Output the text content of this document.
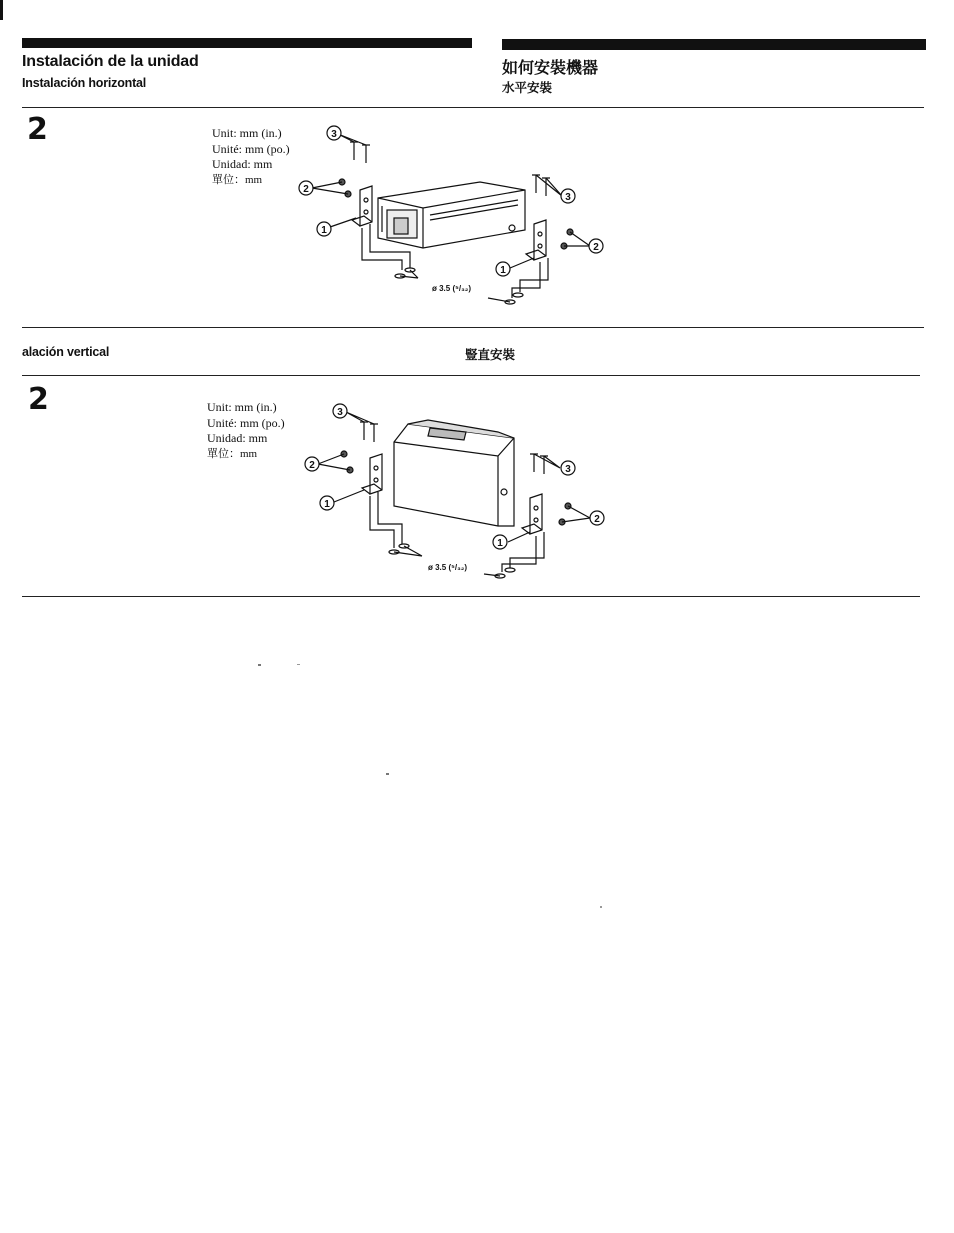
Instalación de la unidad
Instalación horizontal
如何安裝機器
水平安裝
2	Unit: mm (in.)
Unité: mm (po.)
Unidad: mm
單位：mm
3
3
2
2
1
1
ø 3.5 (⁵/₃₂)
alación vertical	豎直安裝
2	Unit: mm (in.)
Unité: mm (po.)
Unidad: mm
單位：mm
3
3
2
2
1
1
ø 3.5 (⁵/₃₂)
